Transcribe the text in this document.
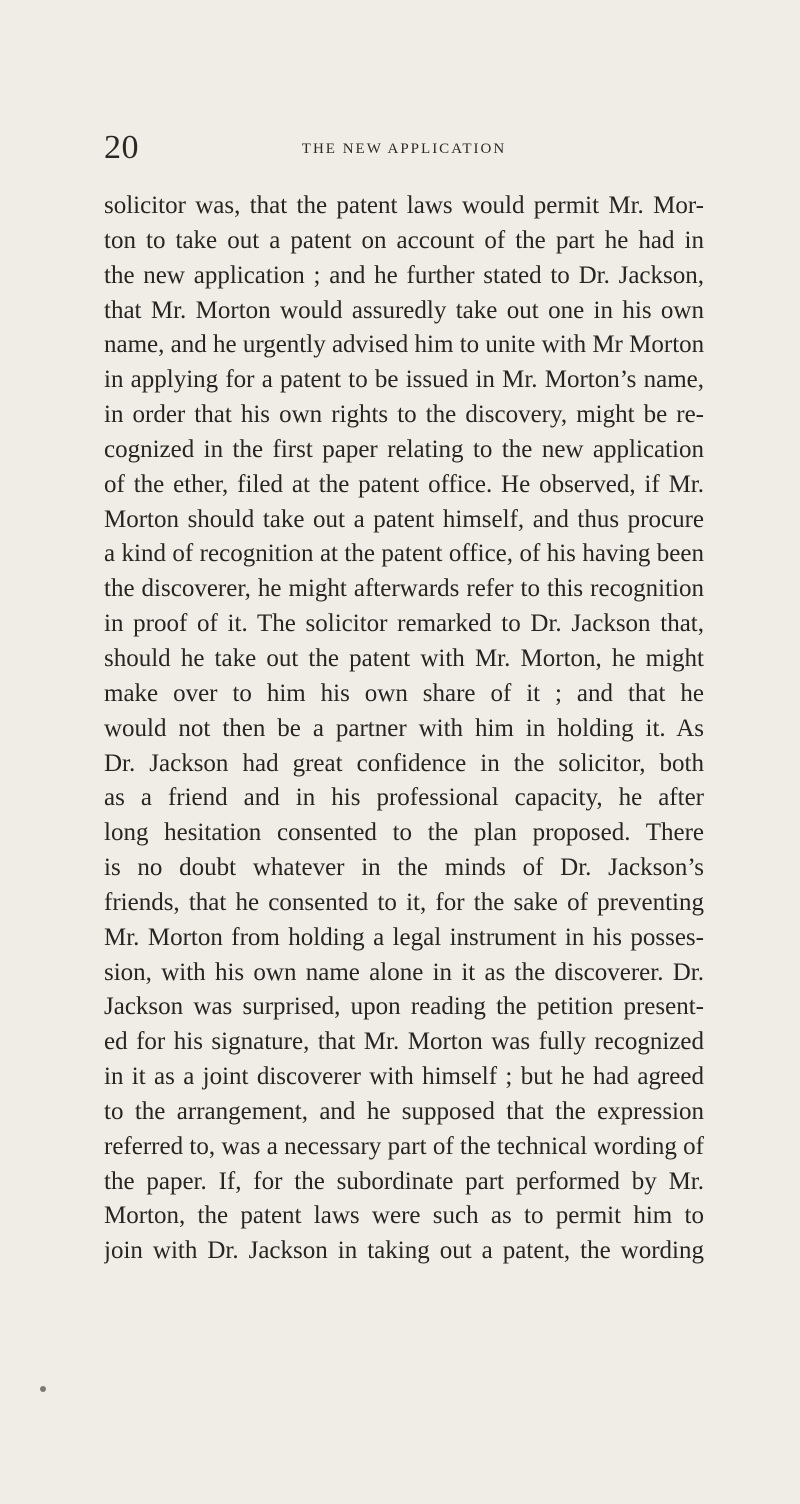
20	THE NEW APPLICATION
solicitor was, that the patent laws would permit Mr. Mor-
ton to take out a patent on account of the part he had in
the new application ; and he further stated to Dr. Jackson,
that Mr. Morton would assuredly take out one in his own
name, and he urgently advised him to unite with Mr Morton
in applying for a patent to be issued in Mr. Morton’s name,
in order that his own rights to the discovery, might be re-
cognized in the first paper relating to the new application
of the ether, filed at the patent office. He observed, if Mr.
Morton should take out a patent himself, and thus procure
a kind of recognition at the patent office, of his having been
the discoverer, he might afterwards refer to this recognition
in proof of it. The solicitor remarked to Dr. Jackson that,
should he take out the patent with Mr. Morton, he might
make over to him his own share of it ; and that he
would not then be a partner with him in holding it. As
Dr. Jackson had great confidence in the solicitor, both
as a friend and in his professional capacity, he after
long hesitation consented to the plan proposed. There
is no doubt whatever in the minds of Dr. Jackson’s
friends, that he consented to it, for the sake of preventing
Mr. Morton from holding a legal instrument in his posses-
sion, with his own name alone in it as the discoverer. Dr.
Jackson was surprised, upon reading the petition present-
ed for his signature, that Mr. Morton was fully recognized
in it as a joint discoverer with himself ; but he had agreed
to the arrangement, and he supposed that the expression
referred to, was a necessary part of the technical wording of
the paper. If, for the subordinate part performed by Mr.
Morton, the patent laws were such as to permit him to
join with Dr. Jackson in taking out a patent, the wording
